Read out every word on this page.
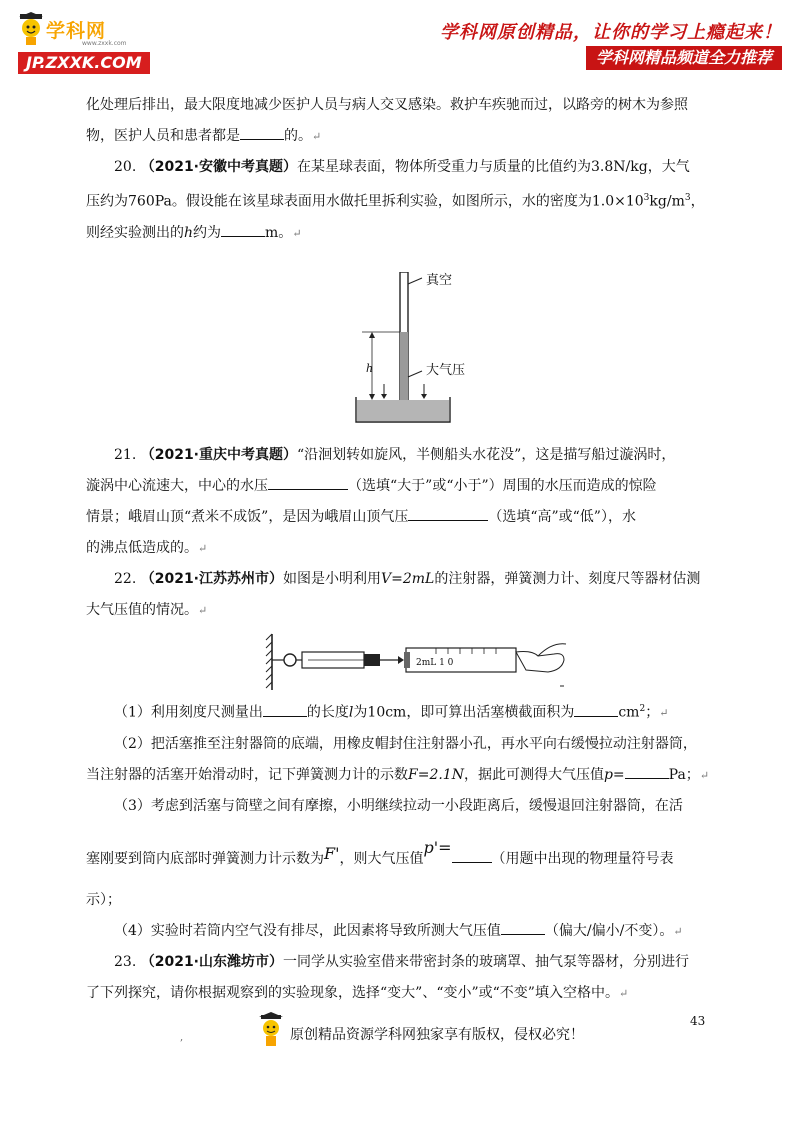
学科网
www.zxxk.com
JP.ZXXK.COM
学科网原创精品，让你的学习上瘾起来！
学科网精品频道全力推荐

化处理后排出，最大限度地减少医护人员与病人交叉感染。救护车疾驰而过，以路旁的树木为参照

物，医护人员和患者都是	的。↵

20. （2021·安徽中考真题）在某星球表面，物体所受重力与质量的比值约为3.8N/kg，大气

压约为760Pa。假设能在该星球表面用水做托里拆利实验，如图所示，水的密度为$1.0\times 10^3kg/m^3$，

则经实验测出的h约为	m。↵

真空
大气压
h

21. （2021·重庆中考真题）“沿洄划转如旋风，半侧船头水花没”，这是描写船过漩涡时，

漩涡中心流速大，中心的水压	（选填“大于”或“小于”）周围的水压而造成的惊险

情景；峨眉山顶“煮米不成饭”，是因为峨眉山顶气压	（选填“高”或“低”），水

的沸点低造成的。↵

22. （2021·江苏苏州市）如图是小明利用V=2mL的注射器，弹簧测力计、刻度尺等器材估测

大气压值的情况。↵

2mL 1 0

（1）利用刻度尺测量出	的长度l为10cm，即可算出活塞横截面积为	$cm^2$；↵

（2）把活塞推至注射器筒的底端，用橡皮帽封住注射器小孔，再水平向右缓慢拉动注射器筒，

当注射器的活塞开始滑动时，记下弹簧测力计的示数F=2.1N，据此可测得大气压值p=	Pa；↵

（3）考虑到活塞与筒壁之间有摩擦，小明继续拉动一小段距离后，缓慢退回注射器筒，在活

塞刚要到筒内底部时弹簧测力计示数为F'，则大气压值p'=（用题中出现的物理量符号表

示）；

（4）实验时若筒内空气没有排尽，此因素将导致所测大气压值	（偏大/偏小/不变）。↵

23. （2021·山东潍坊市）一同学从实验室借来带密封条的玻璃罩、抽气泵等器材，分别进行

了下列探究，请你根据观察到的实验现象，选择“变大”、“变小”或“不变”填入空格中。↵

43
,	原创精品资源学科网独家享有版权，侵权必究！
